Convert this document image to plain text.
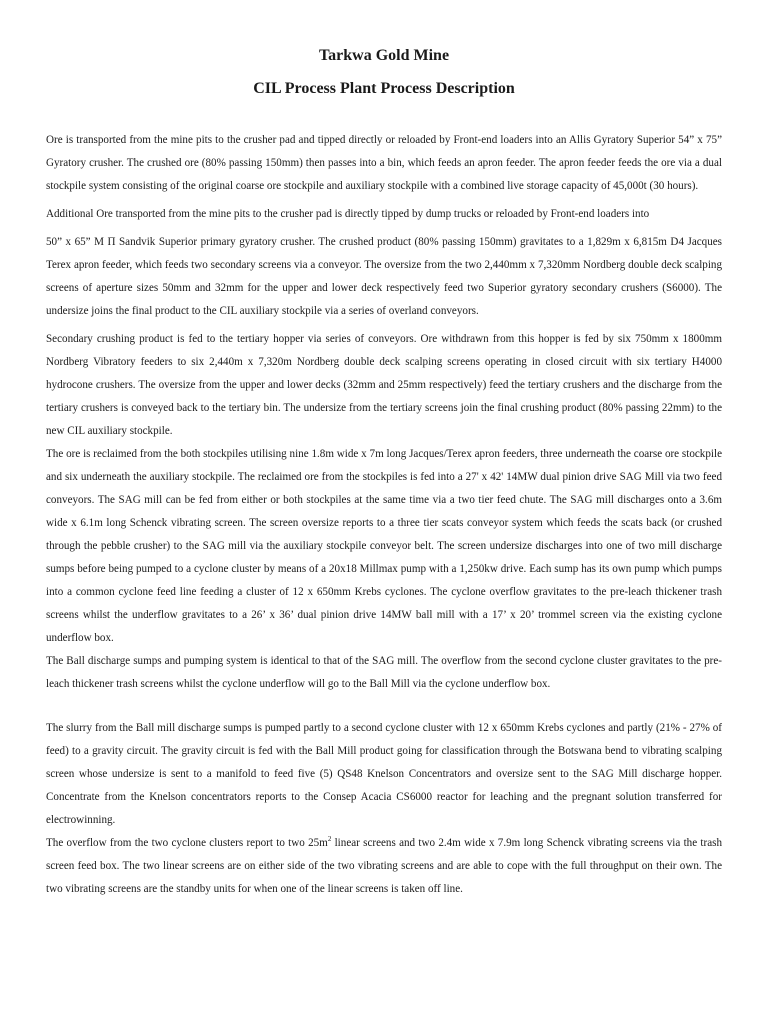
Tarkwa Gold Mine
CIL Process Plant Process Description

Ore is transported from the mine pits to the crusher pad and tipped directly or reloaded by Front-end loaders into an Allis Gyratory Superior 54” x 75” Gyratory crusher. The crushed ore (80% passing 150mm) then passes into a bin, which feeds an apron feeder. The apron feeder feeds the ore via a dual stockpile system consisting of the original coarse ore stockpile and auxiliary stockpile with a combined live storage capacity of 45,000t (30 hours).

Additional Ore transported from the mine pits to the crusher pad is directly tipped by dump trucks or reloaded by Front-end loaders into

50” x 65” M Π Sandvik Superior primary gyratory crusher. The crushed product (80% passing 150mm) gravitates to a 1,829m x 6,815m D4 Jacques Terex apron feeder, which feeds two secondary screens via a conveyor. The oversize from the two 2,440mm x 7,320mm Nordberg double deck scalping screens of aperture sizes 50mm and 32mm for the upper and lower deck respectively feed two Superior gyratory secondary crushers (S6000). The undersize joins the final product to the CIL auxiliary stockpile via a series of overland conveyors.

Secondary crushing product is fed to the tertiary hopper via series of conveyors. Ore withdrawn from this hopper is fed by six 750mm x 1800mm Nordberg Vibratory feeders to six 2,440m x 7,320m Nordberg double deck scalping screens operating in closed circuit with six tertiary H4000 hydrocone crushers. The oversize from the upper and lower decks (32mm and 25mm respectively) feed the tertiary crushers and the discharge from the tertiary crushers is conveyed back to the tertiary bin. The undersize from the tertiary screens join the final crushing product (80% passing 22mm) to the new CIL auxiliary stockpile.

The ore is reclaimed from the both stockpiles utilising nine 1.8m wide x 7m long Jacques/Terex apron feeders, three underneath the coarse ore stockpile and six underneath the auxiliary stockpile. The reclaimed ore from the stockpiles is fed into a 27' x 42' 14MW dual pinion drive SAG Mill via two feed conveyors. The SAG mill can be fed from either or both stockpiles at the same time via a two tier feed chute. The SAG mill discharges onto a 3.6m wide x 6.1m long Schenck vibrating screen. The screen oversize reports to a three tier scats conveyor system which feeds the scats back (or crushed through the pebble crusher) to the SAG mill via the auxiliary stockpile conveyor belt. The screen undersize discharges into one of two mill discharge sumps before being pumped to a cyclone cluster by means of a 20x18 Millmax pump with a 1,250kw drive. Each sump has its own pump which pumps into a common cyclone feed line feeding a cluster of 12 x 650mm Krebs cyclones. The cyclone overflow gravitates to the pre-leach thickener trash screens whilst the underflow gravitates to a 26’ x 36’ dual pinion drive 14MW ball mill with a 17’ x 20’ trommel screen via the existing cyclone underflow box.

The Ball discharge sumps and pumping system is identical to that of the SAG mill. The overflow from the second cyclone cluster gravitates to the pre-leach thickener trash screens whilst the cyclone underflow will go to the Ball Mill via the cyclone underflow box.

The slurry from the Ball mill discharge sumps is pumped partly to a second cyclone cluster with 12 x 650mm Krebs cyclones and partly (21% - 27% of feed) to a gravity circuit. The gravity circuit is fed with the Ball Mill product going for classification through the Botswana bend to vibrating scalping screen whose undersize is sent to a manifold to feed five (5) QS48 Knelson Concentrators and oversize sent to the SAG Mill discharge hopper. Concentrate from the Knelson concentrators reports to the Consep Acacia CS6000 reactor for leaching and the pregnant solution transferred for electrowinning.

The overflow from the two cyclone clusters report to two $25m^2$ linear screens and two 2.4m wide x 7.9m long Schenck vibrating screens via the trash screen feed box. The two linear screens are on either side of the two vibrating screens and are able to cope with the full throughput on their own. The two vibrating screens are the standby units for when one of the linear screens is taken off line.
